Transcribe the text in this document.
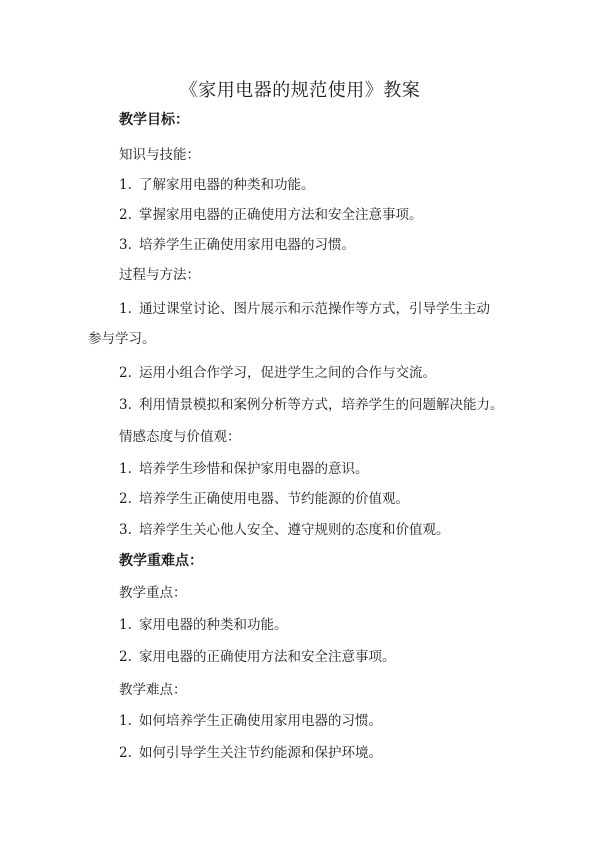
《家用电器的规范使用》教案
教学目标：
知识与技能：
1. 了解家用电器的种类和功能。
2. 掌握家用电器的正确使用方法和安全注意事项。
3. 培养学生正确使用家用电器的习惯。
过程与方法：
1. 通过课堂讨论、图片展示和示范操作等方式，引导学生主动
参与学习。
2. 运用小组合作学习，促进学生之间的合作与交流。
3. 利用情景模拟和案例分析等方式，培养学生的问题解决能力。
情感态度与价值观：
1. 培养学生珍惜和保护家用电器的意识。
2. 培养学生正确使用电器、节约能源的价值观。
3. 培养学生关心他人安全、遵守规则的态度和价值观。
教学重难点：
教学重点：
1. 家用电器的种类和功能。
2. 家用电器的正确使用方法和安全注意事项。
教学难点：
1. 如何培养学生正确使用家用电器的习惯。
2. 如何引导学生关注节约能源和保护环境。
